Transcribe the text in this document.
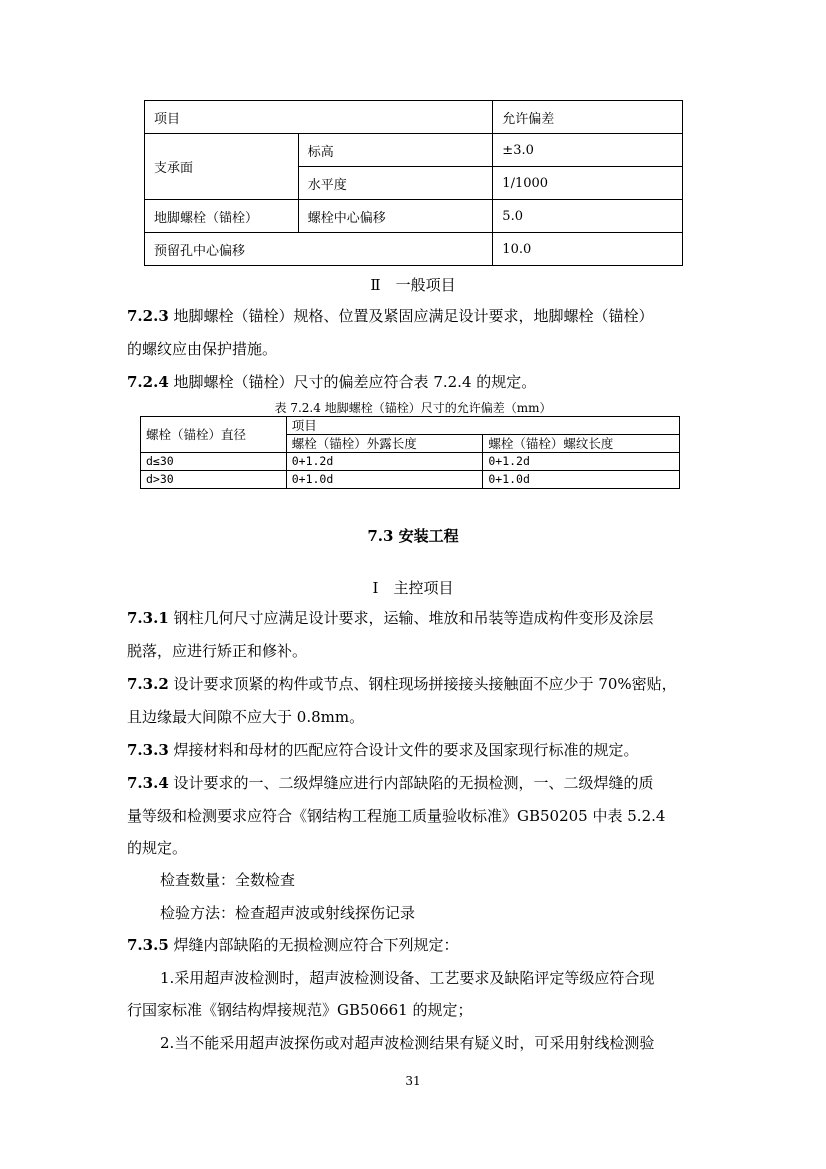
项目		允许偏差
支承面	标高	±3.0
	水平度	1/1000
地脚螺栓（锚栓）	螺栓中心偏移	5.0
预留孔中心偏移		10.0
Ⅱ　一般项目
7.2.3 地脚螺栓（锚栓）规格、位置及紧固应满足设计要求，地脚螺栓（锚栓）
的螺纹应由保护措施。
7.2.4 地脚螺栓（锚栓）尺寸的偏差应符合表 7.2.4 的规定。
表 7.2.4 地脚螺栓（锚栓）尺寸的允许偏差（mm）
螺栓（锚栓）直径	项目	
	螺栓（锚栓）外露长度	螺栓（锚栓）螺纹长度
d≤30	0+1.2d	0+1.2d
d>30	0+1.0d	0+1.0d
7.3 安装工程
Ⅰ　主控项目
7.3.1 钢柱几何尺寸应满足设计要求，运输、堆放和吊装等造成构件变形及涂层
脱落，应进行矫正和修补。
7.3.2 设计要求顶紧的构件或节点、钢柱现场拼接接头接触面不应少于 70%密贴，
且边缘最大间隙不应大于 0.8mm。
7.3.3 焊接材料和母材的匹配应符合设计文件的要求及国家现行标准的规定。
7.3.4 设计要求的一、二级焊缝应进行内部缺陷的无损检测，一、二级焊缝的质
量等级和检测要求应符合《钢结构工程施工质量验收标准》GB50205 中表 5.2.4
的规定。
检查数量：全数检查
检验方法：检查超声波或射线探伤记录
7.3.5 焊缝内部缺陷的无损检测应符合下列规定：
1.采用超声波检测时，超声波检测设备、工艺要求及缺陷评定等级应符合现
行国家标准《钢结构焊接规范》GB50661 的规定；
2.当不能采用超声波探伤或对超声波检测结果有疑义时，可采用射线检测验
31
